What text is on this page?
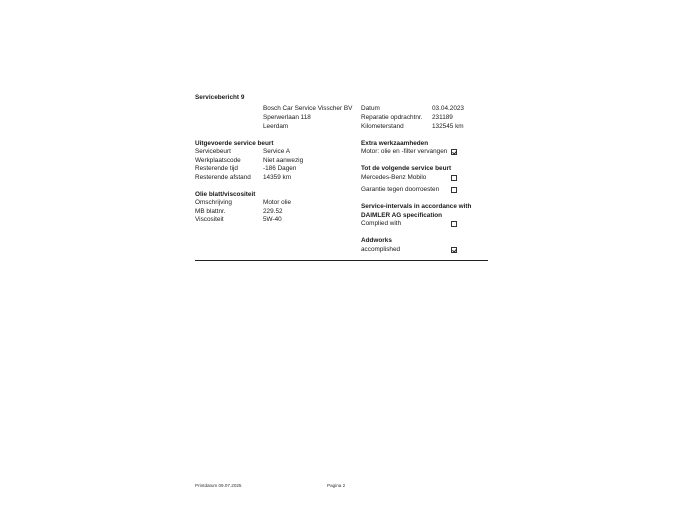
Servicebericht 9
Bosch Car Service Visscher BV
Sperwerlaan 118
Leerdam
Datum	03.04.2023
Reparatie opdrachtnr. 231189
Kilometerstand	132545 km
Uitgevoerde service beurt
Servicebeurt	Service A
Werkplaatscode	Niet aanwezig
Resterende tijd	-186 Dagen
Resterende afstand 14359 km
Olie blatt/viscositeit
Omschrijving	Motor olie
MB blattnr.	229.52
Viscositeit	5W-40
Extra werkzaamheden
Motor: olie en -filter vervangen
Tot de volgende service beurt
Mercedes-Benz Mobilo
Garantie tegen doorroesten
Service-intervals in accordance with
DAIMLER AG specification
Complied with
Addworks
accomplished
Printdatum 09.07.2025	Pagina 2
